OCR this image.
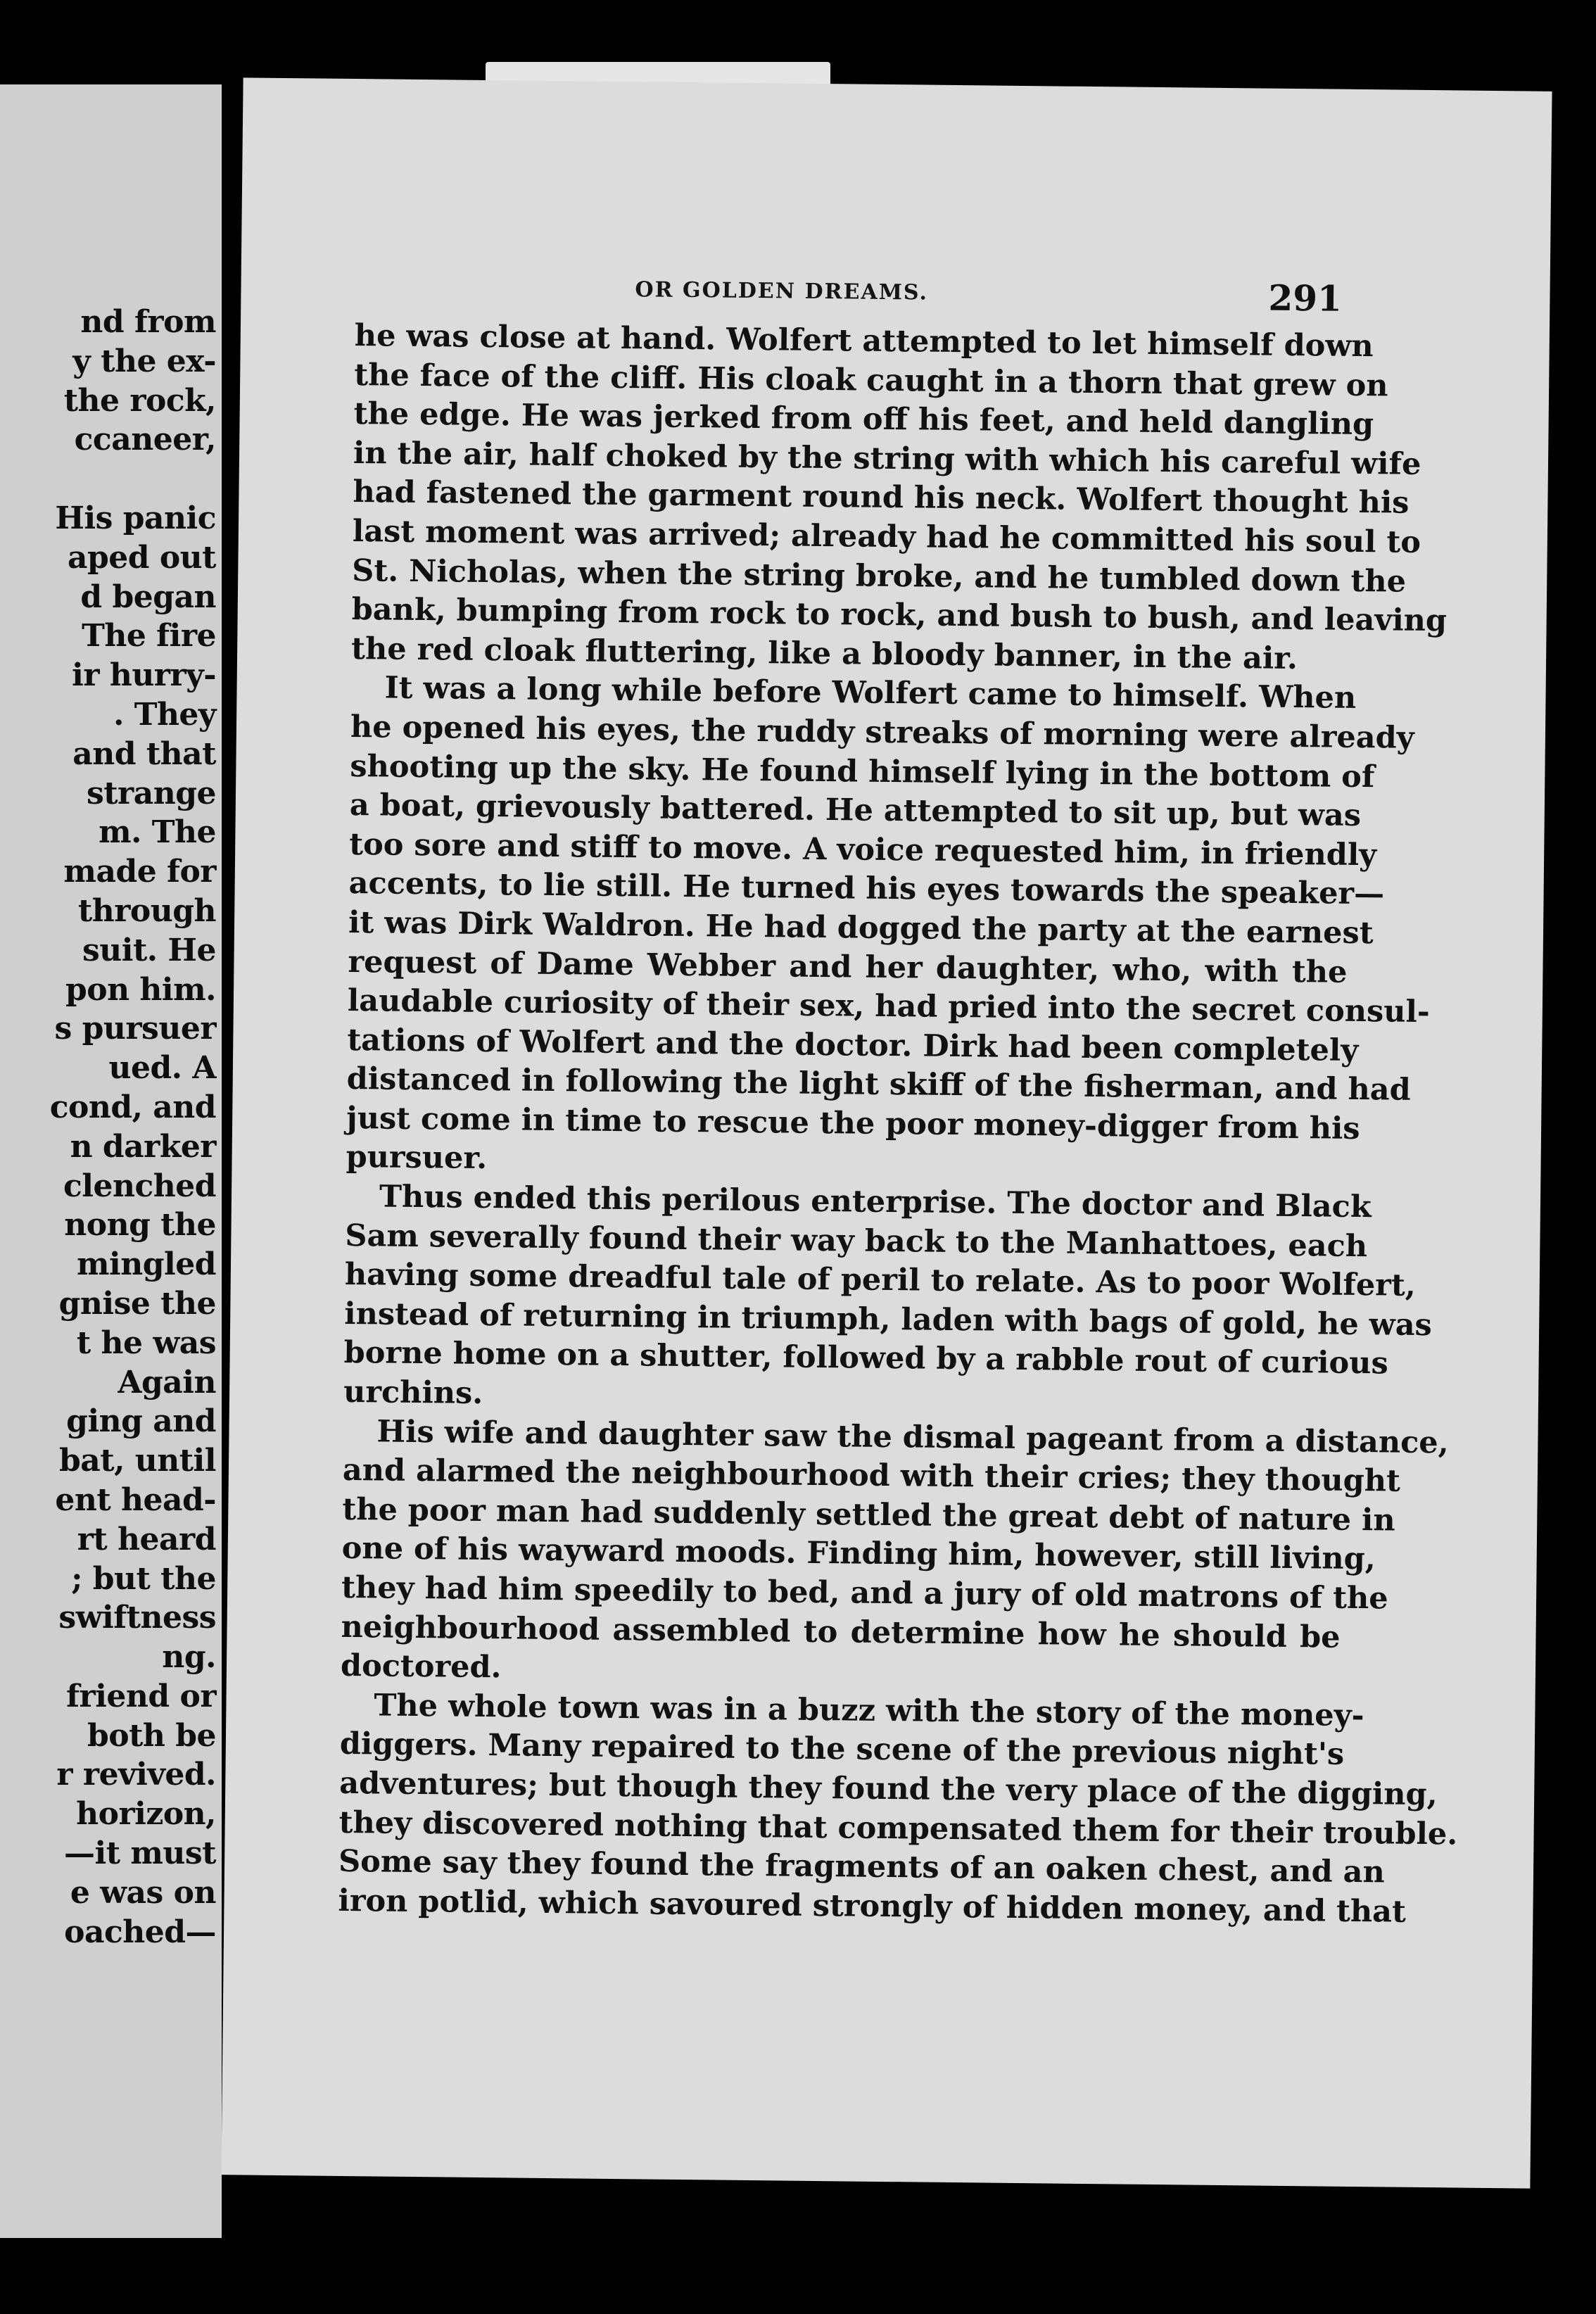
nd from
y the ex-
the rock,
ccaneer,

His panic
aped out
d began
The fire
ir hurry-
. They
and that
strange
m. The
made for
through
suit. He
pon him.
s pursuer
ued. A
cond, and
n darker
clenched
nong the
mingled
gnise the
t he was
Again
ging and
bat, until
ent head-
rt heard
; but the
swiftness
ng.
friend or
both be
r revived.
horizon,
—it must
e was on
oached—
OR GOLDEN DREAMS.	291
he was close at hand. Wolfert attempted to let himself down
the face of the cliff. His cloak caught in a thorn that grew on
the edge. He was jerked from off his feet, and held dangling
in the air, half choked by the string with which his careful wife
had fastened the garment round his neck. Wolfert thought his
last moment was arrived; already had he committed his soul to
St. Nicholas, when the string broke, and he tumbled down the
bank, bumping from rock to rock, and bush to bush, and leaving
the red cloak fluttering, like a bloody banner, in the air.
It was a long while before Wolfert came to himself. When
he opened his eyes, the ruddy streaks of morning were already
shooting up the sky. He found himself lying in the bottom of
a boat, grievously battered. He attempted to sit up, but was
too sore and stiff to move. A voice requested him, in friendly
accents, to lie still. He turned his eyes towards the speaker—
it was Dirk Waldron. He had dogged the party at the earnest
request of Dame Webber and her daughter, who, with the
laudable curiosity of their sex, had pried into the secret consul-
tations of Wolfert and the doctor. Dirk had been completely
distanced in following the light skiff of the fisherman, and had
just come in time to rescue the poor money-digger from his
pursuer.
Thus ended this perilous enterprise. The doctor and Black
Sam severally found their way back to the Manhattoes, each
having some dreadful tale of peril to relate. As to poor Wolfert,
instead of returning in triumph, laden with bags of gold, he was
borne home on a shutter, followed by a rabble rout of curious
urchins.
His wife and daughter saw the dismal pageant from a distance,
and alarmed the neighbourhood with their cries; they thought
the poor man had suddenly settled the great debt of nature in
one of his wayward moods. Finding him, however, still living,
they had him speedily to bed, and a jury of old matrons of the
neighbourhood assembled to determine how he should be
doctored.
The whole town was in a buzz with the story of the money-
diggers. Many repaired to the scene of the previous night's
adventures; but though they found the very place of the digging,
they discovered nothing that compensated them for their trouble.
Some say they found the fragments of an oaken chest, and an
iron potlid, which savoured strongly of hidden money, and that
